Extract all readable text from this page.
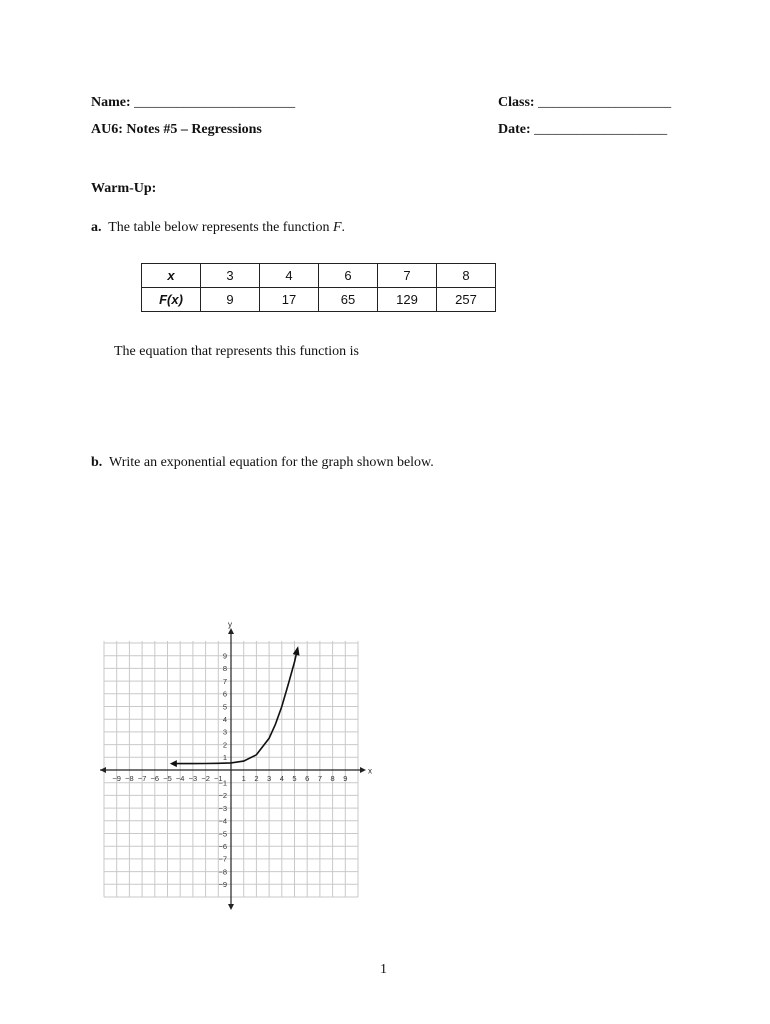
Name: _______________________	Class: ___________________
AU6: Notes #5 – Regressions	Date: ___________________
Warm-Up:
a. The table below represents the function F.
x	3	4	6	7	8
F(x)	9	17	65	129	257
The equation that represents this function is
b. Write an exponential equation for the graph shown below.
x
y
−9 −8 −7 −6 −5 −4 −3 −2 −1	1 2 3 4 5 6 7 8 9
−9
−8
−7
−6
−5
−4
−3
−2
−1
1
2
3
4
5
6
7
8
9
1
